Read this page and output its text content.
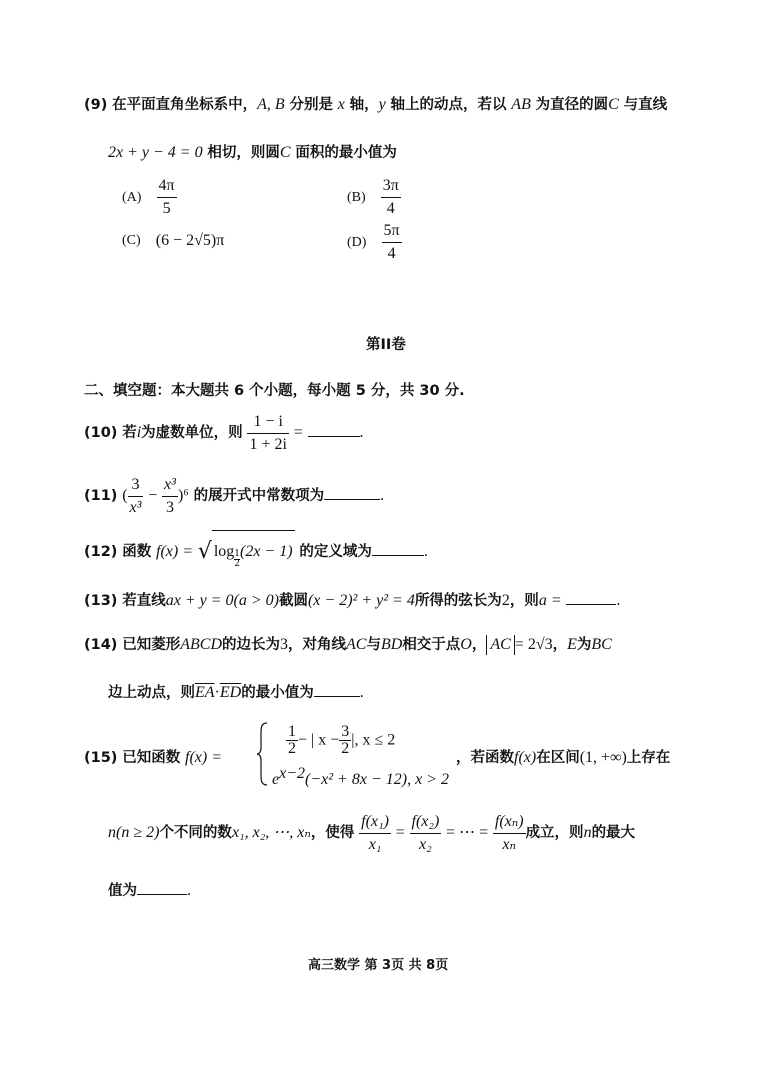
(9) 在平面直角坐标系中，A, B 分别是 x 轴，y 轴上的动点，若以 AB 为直径的圆C 与直线
2x + y − 4 = 0 相切，则圆C 面积的最小值为
$(A) \frac{4\pi}{5}$	$(B) \frac{3\pi}{4}$
(C) (6 − 2√5)π	$(D) \frac{5\pi}{4}$
第II卷
二、填空题：本大题共 6 个小题，每小题 5 分，共 30 分.
(10) 若i为虚数单位，则 $\frac{1 - i}{1 + 2i}$ =	.
(11) ( $\frac{3}{\text{x³}} - \frac{\text{x³}}{3} )^6$ 的展开式中常数项为	.
(12) 函数 f(x) = √ $\log \frac{1}{2} (2x - 1)$ 的定义域为	.
(13) 若直线ax + y = 0(a > 0)截圆(x − 2)² + y² = 4所得的弦长为2，则a =	.
(14) 已知菱形ABCD的边长为3，对角线AC与BD相交于点O， AC = 2√3，E为BC
边上动点，则$\overline{EA}\cdot\overline{ED}$的最小值为	.
(15) 已知函数 f(x) =
$\frac{1}{2}$ − | $x - \frac{3}{2}$ |, x ≤ 2
$e^{x-2}(-x^2 + 8x - 12)$, x > 2
，若函数f(x)在区间(1, +∞)上存在
n(n ≥ 2)个不同的数x₁, x₂, ⋯, xₙ，使得 $\frac{\text{f(x₁)}}{\text{x₁}} = \frac{\text{f(x₂)}}{\text{x₂}}$ = ⋯ = $\frac{\text{f(xₙ)}}{\text{xₙ}}$ 成立，则n的最大
值为	.
高三数学 第 3页 共 8页
